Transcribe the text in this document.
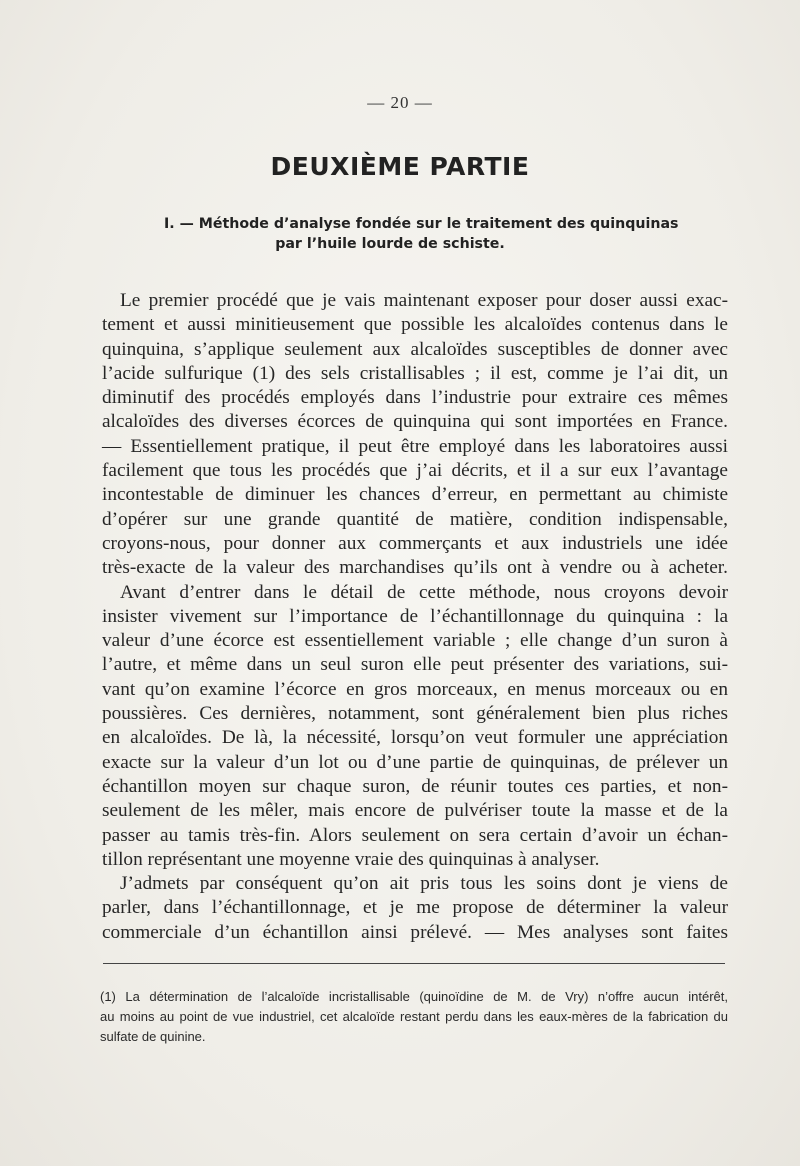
— 20 —
DEUXIÈME PARTIE
I. — Méthode d’analyse fondée sur le traitement des quinquinas
par l’huile lourde de schiste.
Le premier procédé que je vais maintenant exposer pour doser aussi exac-
tement et aussi minitieusement que possible les alcaloïdes contenus dans le
quinquina, s’applique seulement aux alcaloïdes susceptibles de donner avec
l’acide sulfurique (1) des sels cristallisables ; il est, comme je l’ai dit, un
diminutif des procédés employés dans l’industrie pour extraire ces mêmes
alcaloïdes des diverses écorces de quinquina qui sont importées en France.
— Essentiellement pratique, il peut être employé dans les laboratoires aussi
facilement que tous les procédés que j’ai décrits, et il a sur eux l’avantage
incontestable de diminuer les chances d’erreur, en permettant au chimiste
d’opérer sur une grande quantité de matière, condition indispensable,
croyons-nous, pour donner aux commerçants et aux industriels une idée
très-exacte de la valeur des marchandises qu’ils ont à vendre ou à acheter.
Avant d’entrer dans le détail de cette méthode, nous croyons devoir
insister vivement sur l’importance de l’échantillonnage du quinquina : la
valeur d’une écorce est essentiellement variable ; elle change d’un suron à
l’autre, et même dans un seul suron elle peut présenter des variations, sui-
vant qu’on examine l’écorce en gros morceaux, en menus morceaux ou en
poussières. Ces dernières, notamment, sont généralement bien plus riches
en alcaloïdes. De là, la nécessité, lorsqu’on veut formuler une appréciation
exacte sur la valeur d’un lot ou d’une partie de quinquinas, de prélever un
échantillon moyen sur chaque suron, de réunir toutes ces parties, et non-
seulement de les mêler, mais encore de pulvériser toute la masse et de la
passer au tamis très-fin. Alors seulement on sera certain d’avoir un échan-
tillon représentant une moyenne vraie des quinquinas à analyser.
J’admets par conséquent qu’on ait pris tous les soins dont je viens de
parler, dans l’échantillonnage, et je me propose de déterminer la valeur
commerciale d’un échantillon ainsi prélevé. — Mes analyses sont faites
(1) La détermination de l’alcaloïde incristallisable (quinoïdine de M. de Vry) n’offre aucun intérêt,
au moins au point de vue industriel, cet alcaloïde restant perdu dans les eaux-mères de la fabrication du
sulfate de quinine.
